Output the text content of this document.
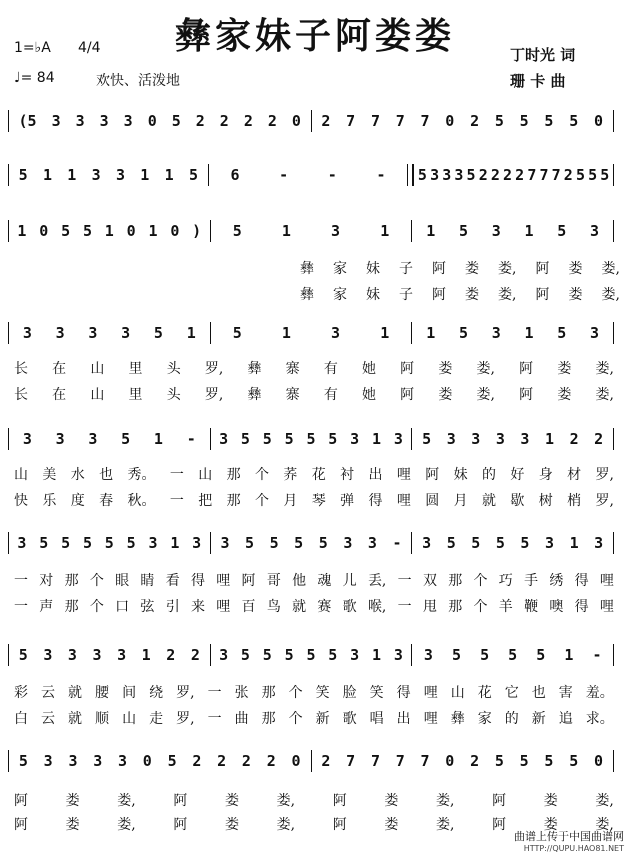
彝家妹子阿娄娄
1=♭A 4/4
♩= 84	欢快、活泼地
丁时光 词
珊 卡 曲
(5 3 3 3 3 0 5 2 2 2 2 0 2 7 7 7 7 0 2 5 5 5 5 0
5 1 1 3 3 1 1 5 6	-	-	- 5 3 3 3 5 2 2 2 2 7 7 7 2 5 5 5
1 0 5 5 1 0 1 0 ) 5	1	3	1 1 5 3 1 5 3
彝 家 妹 子 阿 娄 娄, 阿 娄 娄,
彝 家 妹 子 阿 娄 娄, 阿 娄 娄,
3 3 3 3 5 1 5	1	3	1 1 5 3 1 5 3
长 在 山 里 头 罗, 彝 寨 有 她 阿 娄 娄, 阿 娄 娄,
长 在 山 里 头 罗, 彝 寨 有 她 阿 娄 娄, 阿 娄 娄,
3 3 3 5 1 - 3 5 5 5 5 5 3 1 3 5 3 3 3 3 1 2 2
山 美 水 也 秀。 一 山 那 个 荞 花 衬 出 哩 阿 妹 的 好 身 材 罗,
快 乐 度 春 秋。 一 把 那 个 月 琴 弹 得 哩 圆 月 就 歇 树 梢 罗,
3 5 5 5 5 5 3 1 3 3 5 5 5 5 3 3 - 3 5 5 5 5 3 1 3
一 对 那 个 眼 睛 看 得 哩 阿 哥 他 魂 儿 丢, 一 双 那 个 巧 手 绣 得 哩
一 声 那 个 口 弦 引 来 哩 百 鸟 就 赛 歌 喉, 一 甩 那 个 羊 鞭 噢 得 哩
5 3 3 3 3 1 2 2 3 5 5 5 5 5 3 1 3 3 5 5 5 5 1 -
彩 云 就 腰 间 绕 罗, 一 张 那 个 笑 脸 笑 得 哩 山 花 它 也 害 羞。
白 云 就 顺 山 走 罗, 一 曲 那 个 新 歌 唱 出 哩 彝 家 的 新 追 求。
5 3 3 3 3 0 5 2 2 2 2 0 2 7 7 7 7 0 2 5 5 5 5 0
阿	娄	娄,	阿	娄	娄,	阿	娄	娄,	阿	娄	娄,
阿	娄	娄,	阿	娄	娄,	阿	娄	娄,	阿	娄	娄,
曲谱上传于中国曲谱网
HTTP://QUPU.HAO81.NET
